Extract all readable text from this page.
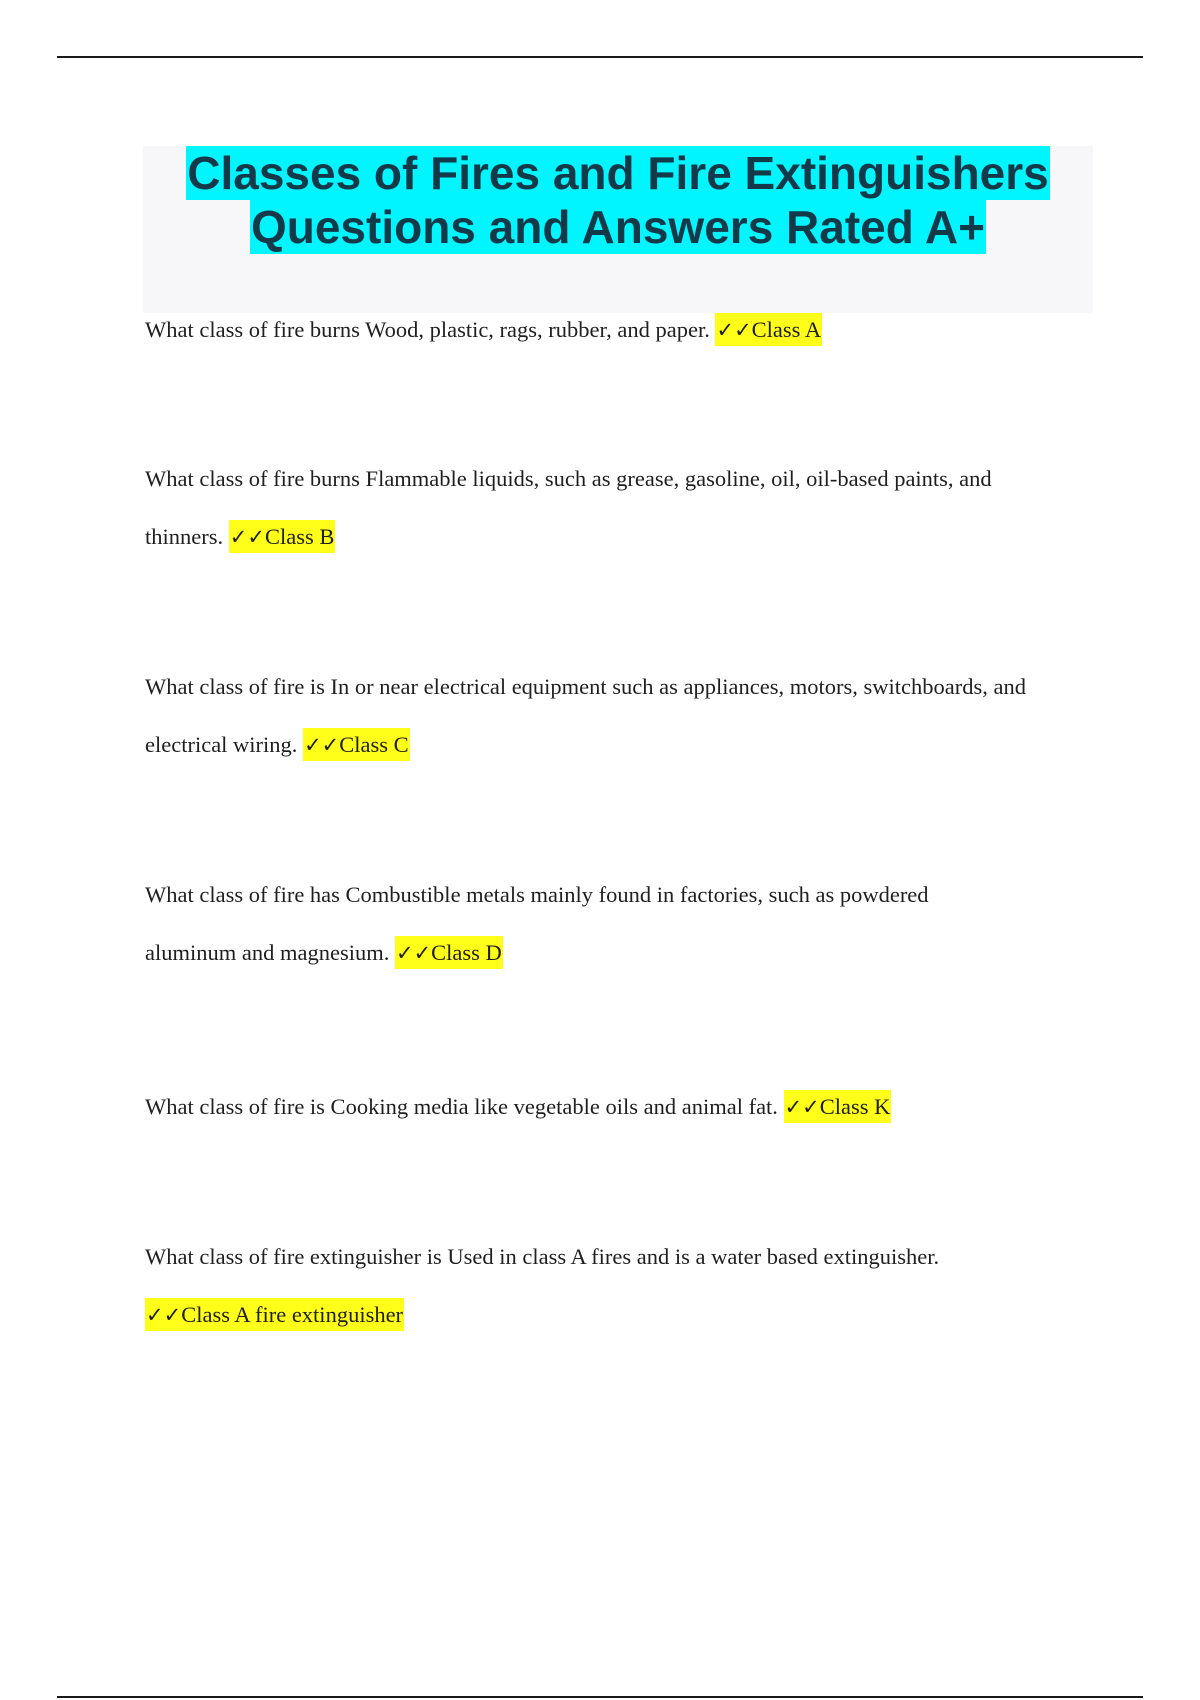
Classes of Fires and Fire Extinguishers
Questions and Answers Rated A+
What class of fire burns Wood, plastic, rags, rubber, and paper. ✓✓Class A
What class of fire burns Flammable liquids, such as grease, gasoline, oil, oil-based paints, and thinners. ✓✓Class B
What class of fire is In or near electrical equipment such as appliances, motors, switchboards, and electrical wiring. ✓✓Class C
What class of fire has Combustible metals mainly found in factories, such as powdered aluminum and magnesium. ✓✓Class D
What class of fire is Cooking media like vegetable oils and animal fat. ✓✓Class K
What class of fire extinguisher is Used in class A fires and is a water based extinguisher. ✓✓Class A fire extinguisher
